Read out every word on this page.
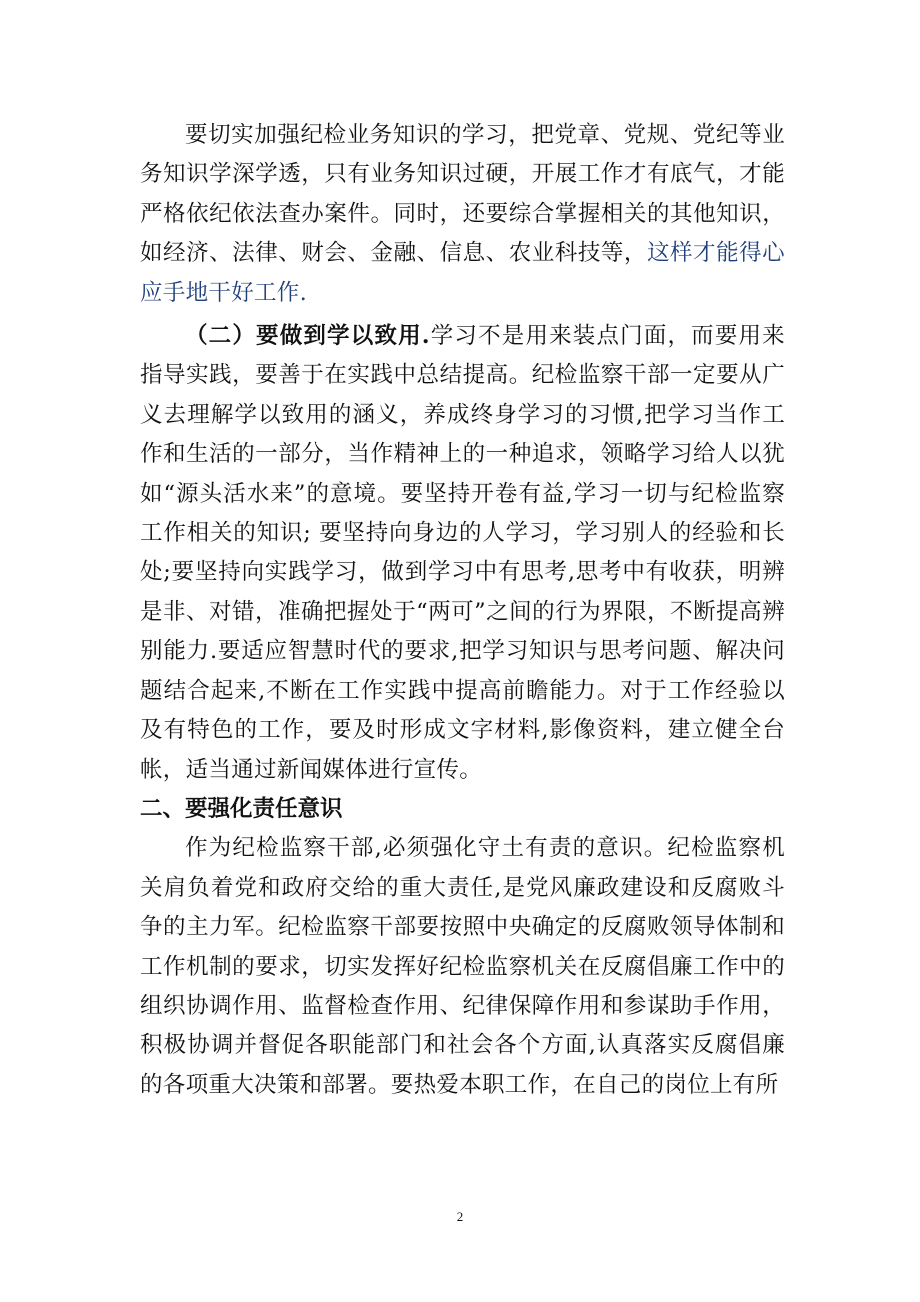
要切实加强纪检业务知识的学习，把党章、党规、党纪等业务知识学深学透，只有业务知识过硬，开展工作才有底气，才能严格依纪依法查办案件。同时，还要综合掌握相关的其他知识，如经济、法律、财会、金融、信息、农业科技等，这样才能得心应手地干好工作.

（二）要做到学以致用.学习不是用来装点门面，而要用来指导实践，要善于在实践中总结提高。纪检监察干部一定要从广义去理解学以致用的涵义，养成终身学习的习惯,把学习当作工作和生活的一部分，当作精神上的一种追求，领略学习给人以犹如“源头活水来”的意境。要坚持开卷有益,学习一切与纪检监察工作相关的知识; 要坚持向身边的人学习，学习别人的经验和长处;要坚持向实践学习，做到学习中有思考,思考中有收获，明辨是非、对错，准确把握处于“两可”之间的行为界限，不断提高辨别能力.要适应智慧时代的要求,把学习知识与思考问题、解决问题结合起来,不断在工作实践中提高前瞻能力。对于工作经验以及有特色的工作，要及时形成文字材料,影像资料，建立健全台帐，适当通过新闻媒体进行宣传。

二、要强化责任意识

作为纪检监察干部,必须强化守土有责的意识。纪检监察机关肩负着党和政府交给的重大责任,是党风廉政建设和反腐败斗争的主力军。纪检监察干部要按照中央确定的反腐败领导体制和工作机制的要求，切实发挥好纪检监察机关在反腐倡廉工作中的组织协调作用、监督检查作用、纪律保障作用和参谋助手作用，积极协调并督促各职能部门和社会各个方面,认真落实反腐倡廉的各项重大决策和部署。要热爱本职工作，在自己的岗位上有所

2
